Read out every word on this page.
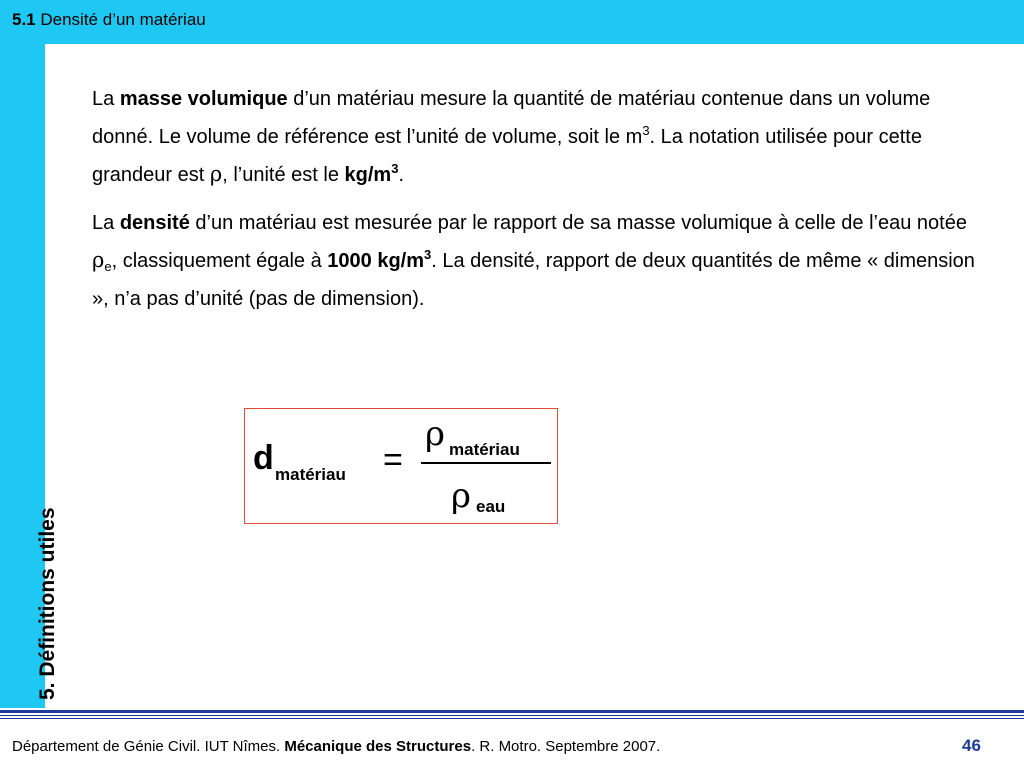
5.1 Densité d’un matériau
5. Définitions utiles

La masse volumique d’un matériau mesure la quantité de matériau contenue dans un volume donné. Le volume de référence est l’unité de volume, soit le $m^3$. La notation utilisée pour cette grandeur est ρ, l’unité est le $kg/m^3$.

La densité d’un matériau est mesurée par le rapport de sa masse volumique à celle de l’eau notée $\rho_e$, classiquement égale à 1000 $kg/m^3$. La densité, rapport de deux quantités de même « dimension », n’a pas d’unité (pas de dimension).

d matériau =
ρ matériau
ρ eau
Département de Génie Civil. IUT Nîmes. Mécanique des Structures. R. Motro. Septembre 2007.	46
